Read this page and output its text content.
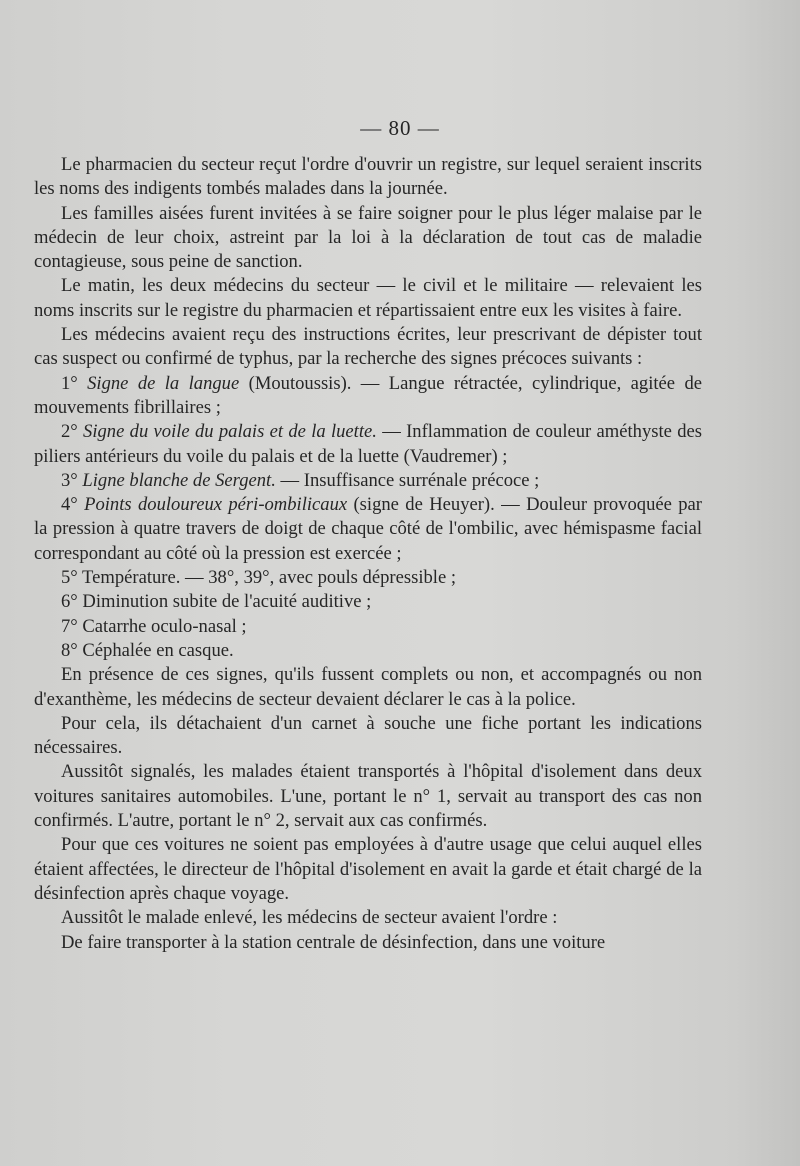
— 80 —

Le pharmacien du secteur reçut l'ordre d'ouvrir un registre, sur lequel seraient inscrits les noms des indigents tombés malades dans la journée.

Les familles aisées furent invitées à se faire soigner pour le plus léger malaise par le médecin de leur choix, astreint par la loi à la déclaration de tout cas de maladie contagieuse, sous peine de sanction.

Le matin, les deux médecins du secteur — le civil et le militaire — relevaient les noms inscrits sur le registre du pharmacien et répartissaient entre eux les visites à faire.

Les médecins avaient reçu des instructions écrites, leur prescrivant de dépister tout cas suspect ou confirmé de typhus, par la recherche des signes précoces suivants :

1° Signe de la langue (Moutoussis). — Langue rétractée, cylindrique, agitée de mouvements fibrillaires ;

2° Signe du voile du palais et de la luette. — Inflammation de couleur améthyste des piliers antérieurs du voile du palais et de la luette (Vaudremer) ;

3° Ligne blanche de Sergent. — Insuffisance surrénale précoce ;

4° Points douloureux péri-ombilicaux (signe de Heuyer). — Douleur provoquée par la pression à quatre travers de doigt de chaque côté de l'ombilic, avec hémispasme facial correspondant au côté où la pression est exercée ;

5° Température. — 38°, 39°, avec pouls dépressible ;

6° Diminution subite de l'acuité auditive ;

7° Catarrhe oculo-nasal ;

8° Céphalée en casque.

En présence de ces signes, qu'ils fussent complets ou non, et accompagnés ou non d'exanthème, les médecins de secteur devaient déclarer le cas à la police.

Pour cela, ils détachaient d'un carnet à souche une fiche portant les indications nécessaires.

Aussitôt signalés, les malades étaient transportés à l'hôpital d'isolement dans deux voitures sanitaires automobiles. L'une, portant le n° 1, servait au transport des cas non confirmés. L'autre, portant le n° 2, servait aux cas confirmés.

Pour que ces voitures ne soient pas employées à d'autre usage que celui auquel elles étaient affectées, le directeur de l'hôpital d'isolement en avait la garde et était chargé de la désinfection après chaque voyage.

Aussitôt le malade enlevé, les médecins de secteur avaient l'ordre :

De faire transporter à la station centrale de désinfection, dans une voiture
